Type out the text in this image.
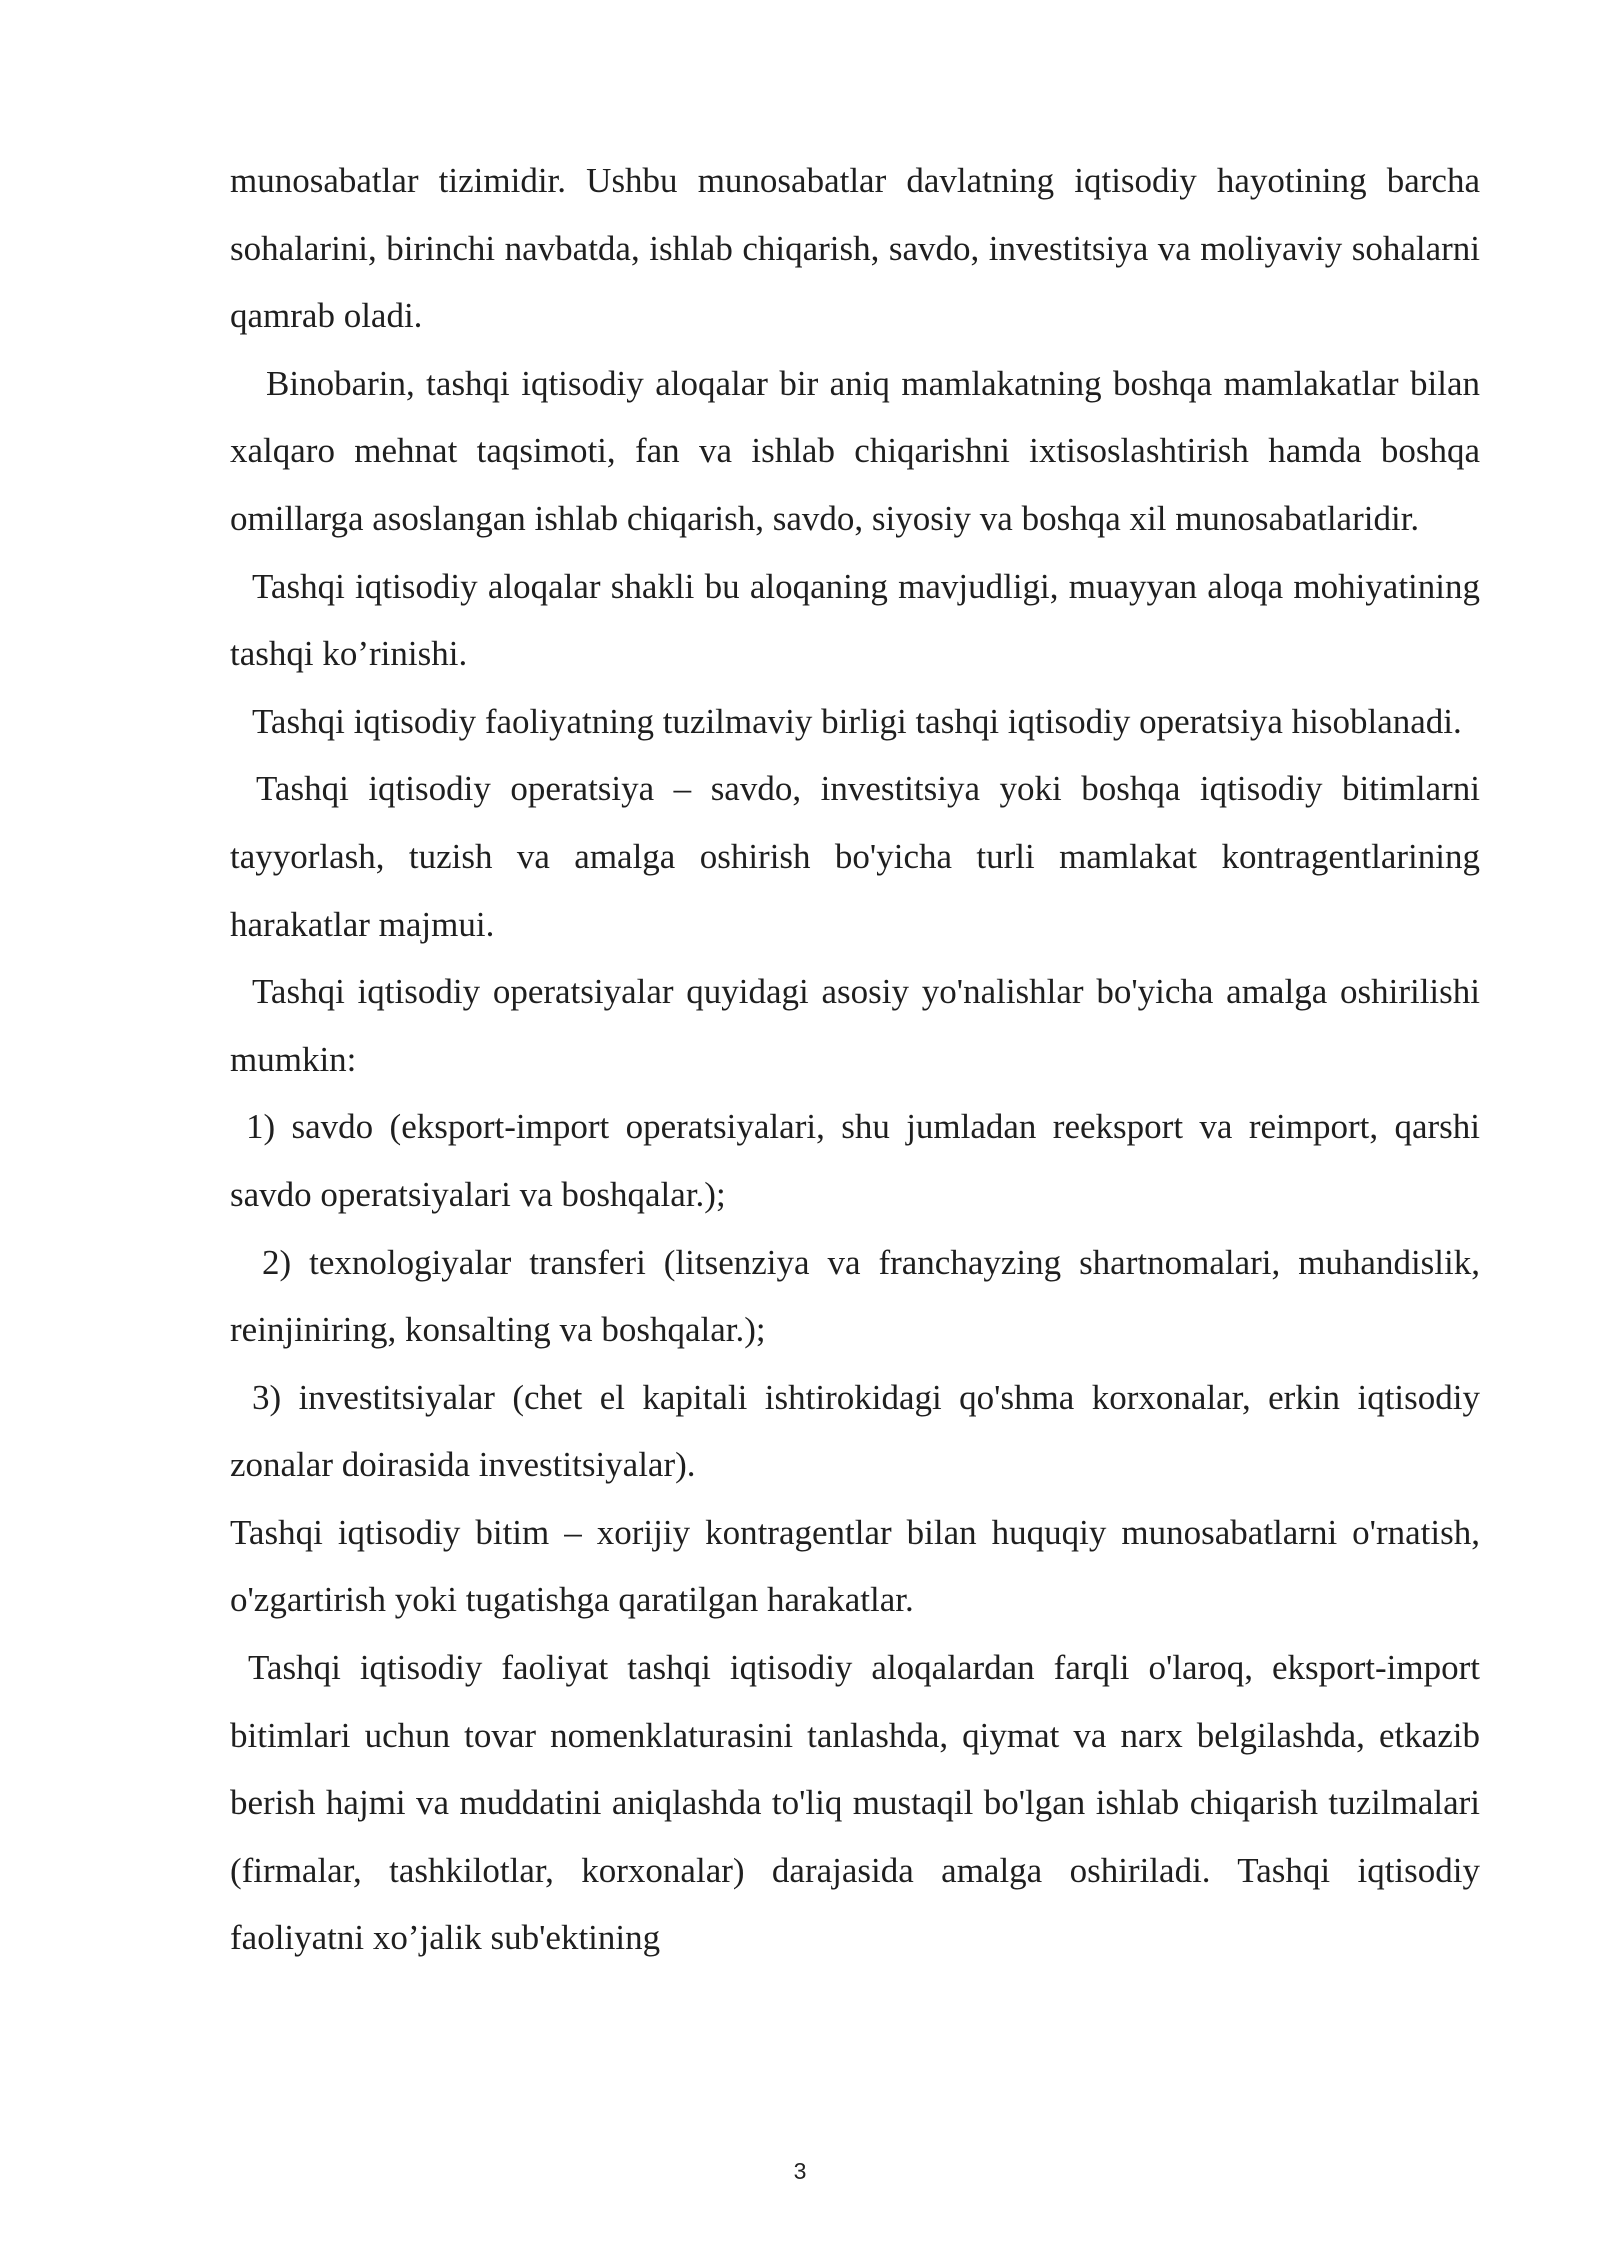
munosabatlar tizimidir. Ushbu munosabatlar davlatning iqtisodiy hayotining barcha sohalarini, birinchi navbatda, ishlab chiqarish, savdo, investitsiya va moliyaviy sohalarni qamrab oladi.

Binobarin, tashqi iqtisodiy aloqalar bir aniq mamlakatning boshqa mamlakatlar bilan xalqaro mehnat taqsimoti, fan va ishlab chiqarishni ixtisoslashtirish hamda boshqa omillarga asoslangan ishlab chiqarish, savdo, siyosiy va boshqa xil munosabatlaridir.

Tashqi iqtisodiy aloqalar shakli bu aloqaning mavjudligi, muayyan aloqa mohiyatining tashqi ko’rinishi.

Tashqi iqtisodiy faoliyatning tuzilmaviy birligi tashqi iqtisodiy operatsiya hisoblanadi.

Tashqi iqtisodiy operatsiya – savdo, investitsiya yoki boshqa iqtisodiy bitimlarni tayyorlash, tuzish va amalga oshirish bo'yicha turli mamlakat kontragentlarining harakatlar majmui.

Tashqi iqtisodiy operatsiyalar quyidagi asosiy yo'nalishlar bo'yicha amalga oshirilishi mumkin:

1) savdo (eksport-import operatsiyalari, shu jumladan reeksport va reimport, qarshi savdo operatsiyalari va boshqalar.);

2) texnologiyalar transferi (litsenziya va franchayzing shartnomalari, muhandislik, reinjiniring, konsalting va boshqalar.);

3) investitsiyalar (chet el kapitali ishtirokidagi qo'shma korxonalar, erkin iqtisodiy zonalar doirasida investitsiyalar).

Tashqi iqtisodiy bitim – xorijiy kontragentlar bilan huquqiy munosabatlarni o'rnatish, o'zgartirish yoki tugatishga qaratilgan harakatlar.

Tashqi iqtisodiy faoliyat tashqi iqtisodiy aloqalardan farqli o'laroq, eksport-import bitimlari uchun tovar nomenklaturasini tanlashda, qiymat va narx belgilashda, etkazib berish hajmi va muddatini aniqlashda to'liq mustaqil bo'lgan ishlab chiqarish tuzilmalari (firmalar, tashkilotlar, korxonalar) darajasida amalga oshiriladi. Tashqi iqtisodiy faoliyatni xo’jalik sub'ektining

3
